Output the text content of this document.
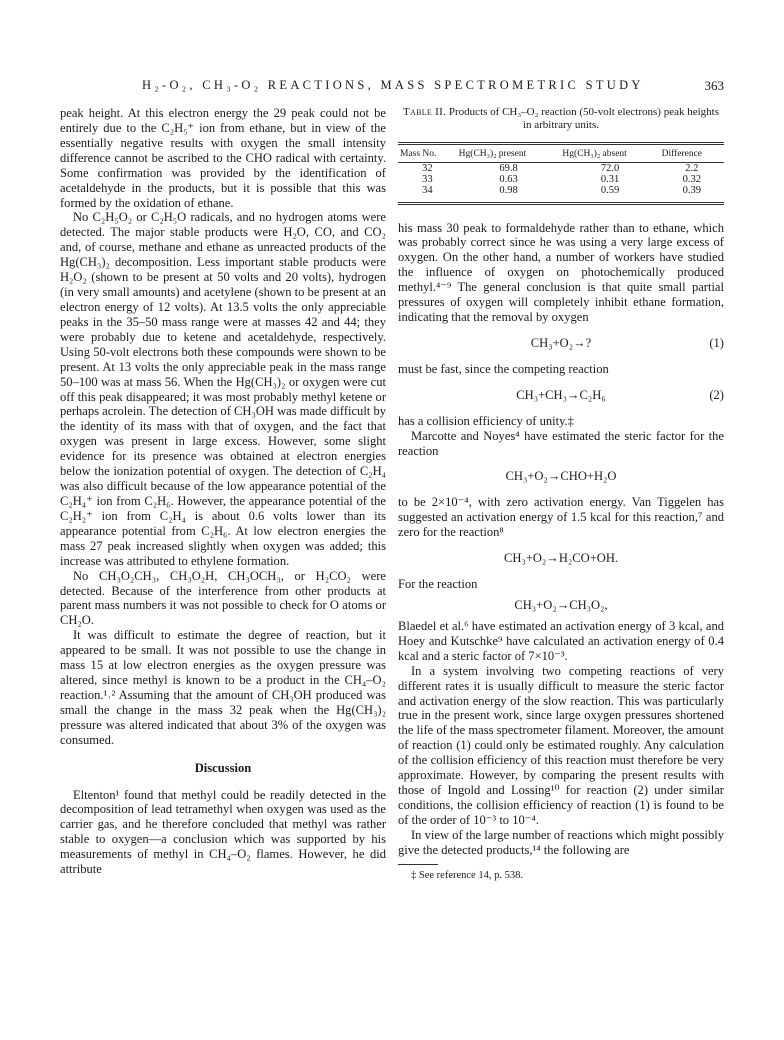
H₂-O₂, CH₃-O₂ REACTIONS, MASS SPECTROMETRIC STUDY	363

peak height. At this electron energy the 29 peak could not be entirely due to the C₂H₅⁺ ion from ethane, but in view of the essentially negative results with oxygen the small intensity difference cannot be ascribed to the CHO radical with certainty. Some confirmation was provided by the identification of acetaldehyde in the products, but it is possible that this was formed by the oxidation of ethane.

No C₂H₅O₂ or C₂H₅O radicals, and no hydrogen atoms were detected. The major stable products were H₂O, CO, and CO₂ and, of course, methane and ethane as unreacted products of the Hg(CH₃)₂ decomposition. Less important stable products were H₂O₂ (shown to be present at 50 volts and 20 volts), hydrogen (in very small amounts) and acetylene (shown to be present at an electron energy of 12 volts). At 13.5 volts the only appreciable peaks in the 35–50 mass range were at masses 42 and 44; they were probably due to ketene and acetaldehyde, respectively. Using 50-volt electrons both these compounds were shown to be present. At 13 volts the only appreciable peak in the mass range 50–100 was at mass 56. When the Hg(CH₃)₂ or oxygen were cut off this peak disappeared; it was most probably methyl ketene or perhaps acrolein. The detection of CH₃OH was made difficult by the identity of its mass with that of oxygen, and the fact that oxygen was present in large excess. However, some slight evidence for its presence was obtained at electron energies below the ionization potential of oxygen. The detection of C₂H₄ was also difficult because of the low appearance potential of the C₂H₄⁺ ion from C₂H₆. However, the appearance potential of the C₂H₂⁺ ion from C₂H₄ is about 0.6 volts lower than its appearance potential from C₂H₆. At low electron energies the mass 27 peak increased slightly when oxygen was added; this increase was attributed to ethylene formation.

No CH₃O₂CH₃, CH₃O₂H, CH₃OCH₃, or H₂CO₂ were detected. Because of the interference from other products at parent mass numbers it was not possible to check for O atoms or CH₂O.

It was difficult to estimate the degree of reaction, but it appeared to be small. It was not possible to use the change in mass 15 at low electron energies as the oxygen pressure was altered, since methyl is known to be a product in the CH₄–O₂ reaction.¹˒² Assuming that the amount of CH₃OH produced was small the change in the mass 32 peak when the Hg(CH₃)₂ pressure was altered indicated that about 3% of the oxygen was consumed.

Discussion

Eltenton¹ found that methyl could be readily detected in the decomposition of lead tetramethyl when oxygen was used as the carrier gas, and he therefore concluded that methyl was rather stable to oxygen—a conclusion which was supported by his measurements of methyl in CH₄–O₂ flames. However, he did attribute

Table II. Products of CH₃–O₂ reaction (50-volt electrons) peak heights in arbitrary units.
Mass No.	Hg(CH₃)₂ present	Hg(CH₃)₂ absent	Difference
32	69.8	72.0	2.2
33	0.63	0.31	0.32
34	0.98	0.59	0.39

his mass 30 peak to formaldehyde rather than to ethane, which was probably correct since he was using a very large excess of oxygen. On the other hand, a number of workers have studied the influence of oxygen on photochemically produced methyl.⁴⁻⁹ The general conclusion is that quite small partial pressures of oxygen will completely inhibit ethane formation, indicating that the removal by oxygen

CH₃+O₂→?	(1)

must be fast, since the competing reaction

CH₃+CH₃→C₂H₆	(2)

has a collision efficiency of unity.‡

Marcotte and Noyes⁴ have estimated the steric factor for the reaction

CH₃+O₂→CHO+H₂O

to be 2×10⁻⁴, with zero activation energy. Van Tiggelen has suggested an activation energy of 1.5 kcal for this reaction,⁷ and zero for the reaction⁸

CH₃+O₂→H₂CO+OH.

For the reaction

CH₃+O₂→CH₃O₂,

Blaedel et al.⁶ have estimated an activation energy of 3 kcal, and Hoey and Kutschke⁹ have calculated an activation energy of 0.4 kcal and a steric factor of 7×10⁻³.

In a system involving two competing reactions of very different rates it is usually difficult to measure the steric factor and activation energy of the slow reaction. This was particularly true in the present work, since large oxygen pressures shortened the life of the mass spectrometer filament. Moreover, the amount of reaction (1) could only be estimated roughly. Any calculation of the collision efficiency of this reaction must therefore be very approximate. However, by comparing the present results with those of Ingold and Lossing¹⁰ for reaction (2) under similar conditions, the collision efficiency of reaction (1) is found to be of the order of 10⁻³ to 10⁻⁴.

In view of the large number of reactions which might possibly give the detected products,¹⁴ the following are

‡ See reference 14, p. 538.
